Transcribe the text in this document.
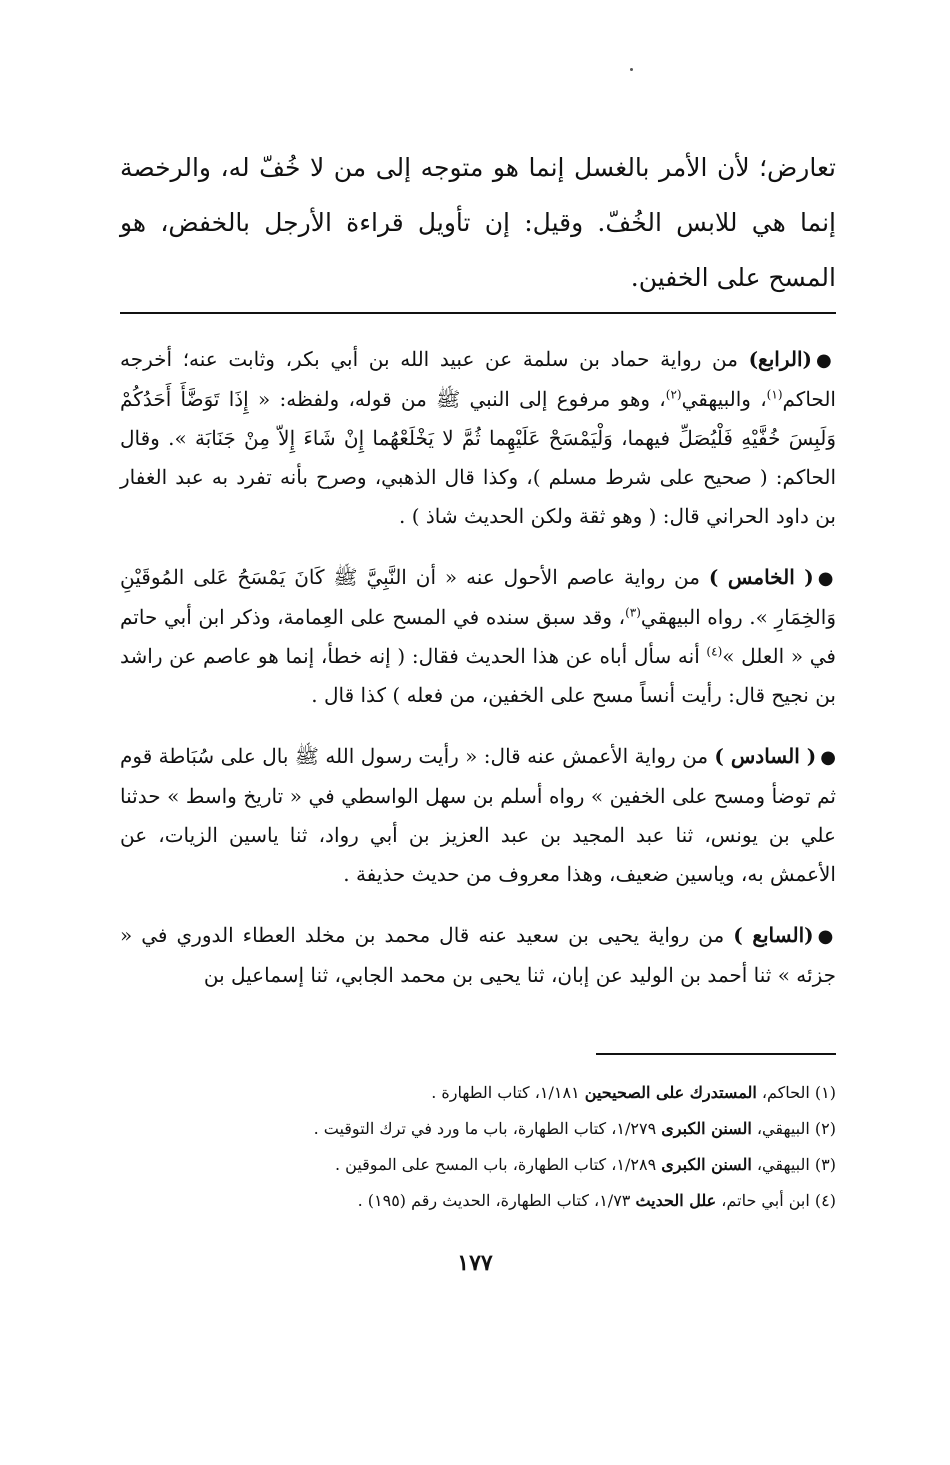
تعارض؛ لأن الأمر بالغسل إنما هو متوجه إلى من لا خُفّ له، والرخصة إنما هي للابس الخُفّ. وقيل: إن تأويل قراءة الأرجل بالخفض، هو المسح على الخفين.

●(الرابع) من رواية حماد بن سلمة عن عبيد الله بن أبي بكر، وثابت عنه؛ أخرجه الحاكم$^{(١)}$، والبيهقي$^{(٢)}$، وهو مرفوع إلى النبي ﷺ من قوله، ولفظه: « إِذَا تَوَضَّأَ أَحَدُكُمْ وَلَبِسَ خُفَّيْهِ فَلْيُصَلِّ فيهما، وَلْيَمْسَحْ عَلَيْهِما ثُمَّ لا يَخْلَعْهُما إِنْ شَاءَ إِلاّ مِنْ جَنَابَة ». وقال الحاكم: ( صحيح على شرط مسلم )، وكذا قال الذهبي، وصرح بأنه تفرد به عبد الغفار بن داود الحراني قال: ( وهو ثقة ولكن الحديث شاذ ) .

●( الخامس ) من رواية عاصم الأحول عنه « أن النَّبِيَّ ﷺ كَانَ يَمْسَحُ عَلى المُوقَيْنِ وَالخِمَارِ ». رواه البيهقي$^{(٣)}$، وقد سبق سنده في المسح على العِمامة، وذكر ابن أبي حاتم في « العلل »$^{(٤)}$ أنه سأل أباه عن هذا الحديث فقال: ( إنه خطأ، إنما هو عاصم عن راشد بن نجيح قال: رأيت أنساً مسح على الخفين، من فعله ) كذا قال .

●( السادس ) من رواية الأعمش عنه قال: « رأيت رسول الله ﷺ بال على سُبَاطة قوم ثم توضأ ومسح على الخفين » رواه أسلم بن سهل الواسطي في « تاريخ واسط » حدثنا علي بن يونس، ثنا عبد المجيد بن عبد العزيز بن أبي رواد، ثنا ياسين الزيات، عن الأعمش به، وياسين ضعيف، وهذا معروف من حديث حذيفة .

●(السابع ) من رواية يحيى بن سعيد عنه قال محمد بن مخلد العطاء الدوري في « جزئه » ثنا أحمد بن الوليد عن إبان، ثنا يحيى بن محمد الجابي، ثنا إسماعيل بن

(١) الحاكم، المستدرك على الصحيحين ١/١٨١، كتاب الطهارة .

(٢) البيهقي، السنن الكبرى ١/٢٧٩، كتاب الطهارة، باب ما ورد في ترك التوقيت .

(٣) البيهقي، السنن الكبرى ١/٢٨٩، كتاب الطهارة، باب المسح على الموقين .

(٤) ابن أبي حاتم، علل الحديث ١/٧٣، كتاب الطهارة، الحديث رقم (١٩٥) .

١٧٧
